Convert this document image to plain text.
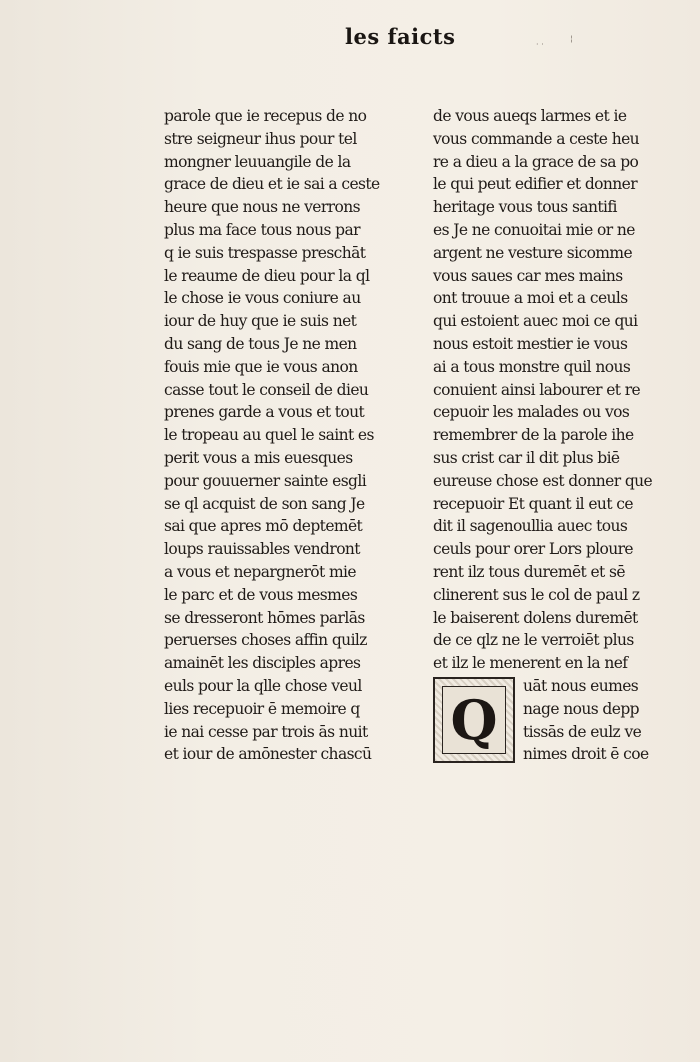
les faicts
parole que ie recepus de no
stre seigneur ihus pour tel
mongner leuuangile de la
grace de dieu et ie sai a ceste
heure que nous ne verrons
plus ma face tous nous par
q ie suis trespasse preschāt
le reaume de dieu pour la ql
le chose ie vous coniure au
iour de huy que ie suis net
du sang de tous Je ne men
fouis mie que ie vous anon
casse tout le conseil de dieu
prenes garde a vous et tout
le tropeau au quel le saint es
perit vous a mis euesques
pour gouuerner sainte esgli
se ql acquist de son sang Je
sai que apres mō deptemēt
loups rauissables vendront
a vous et nepargnerōt mie
le parc et de vous mesmes
se dresseront hōmes parlās
peruerses choses affin quilz
amainēt les disciples apres
euls pour la qlle chose veul
lies recepuoir ē memoire q
ie nai cesse par trois ās nuit
et iour de amōnester chascū
de vous aueqs larmes et ie
vous commande a ceste heu
re a dieu a la grace de sa po
le qui peut edifier et donner
heritage vous tous santifi
es Je ne conuoitai mie or ne
argent ne vesture sicomme
vous saues car mes mains
ont trouue a moi et a ceuls
qui estoient auec moi ce qui
nous estoit mestier ie vous
ai a tous monstre quil nous
conuient ainsi labourer et re
cepuoir les malades ou vos
remembrer de la parole ihe
sus crist car il dit plus biē
eureuse chose est donner que
recepuoir Et quant il eut ce
dit il sagenoullia auec tous
ceuls pour orer Lors ploure
rent ilz tous duremēt et sē
clinerent sus le col de paul z
le baiserent dolens duremēt
de ce qlz ne le verroiēt plus
et ilz le menerent en la nef
uāt nous eumes
nage nous depp
tissās de eulz ve
nimes droit ē coe
Q
· ·
¦
